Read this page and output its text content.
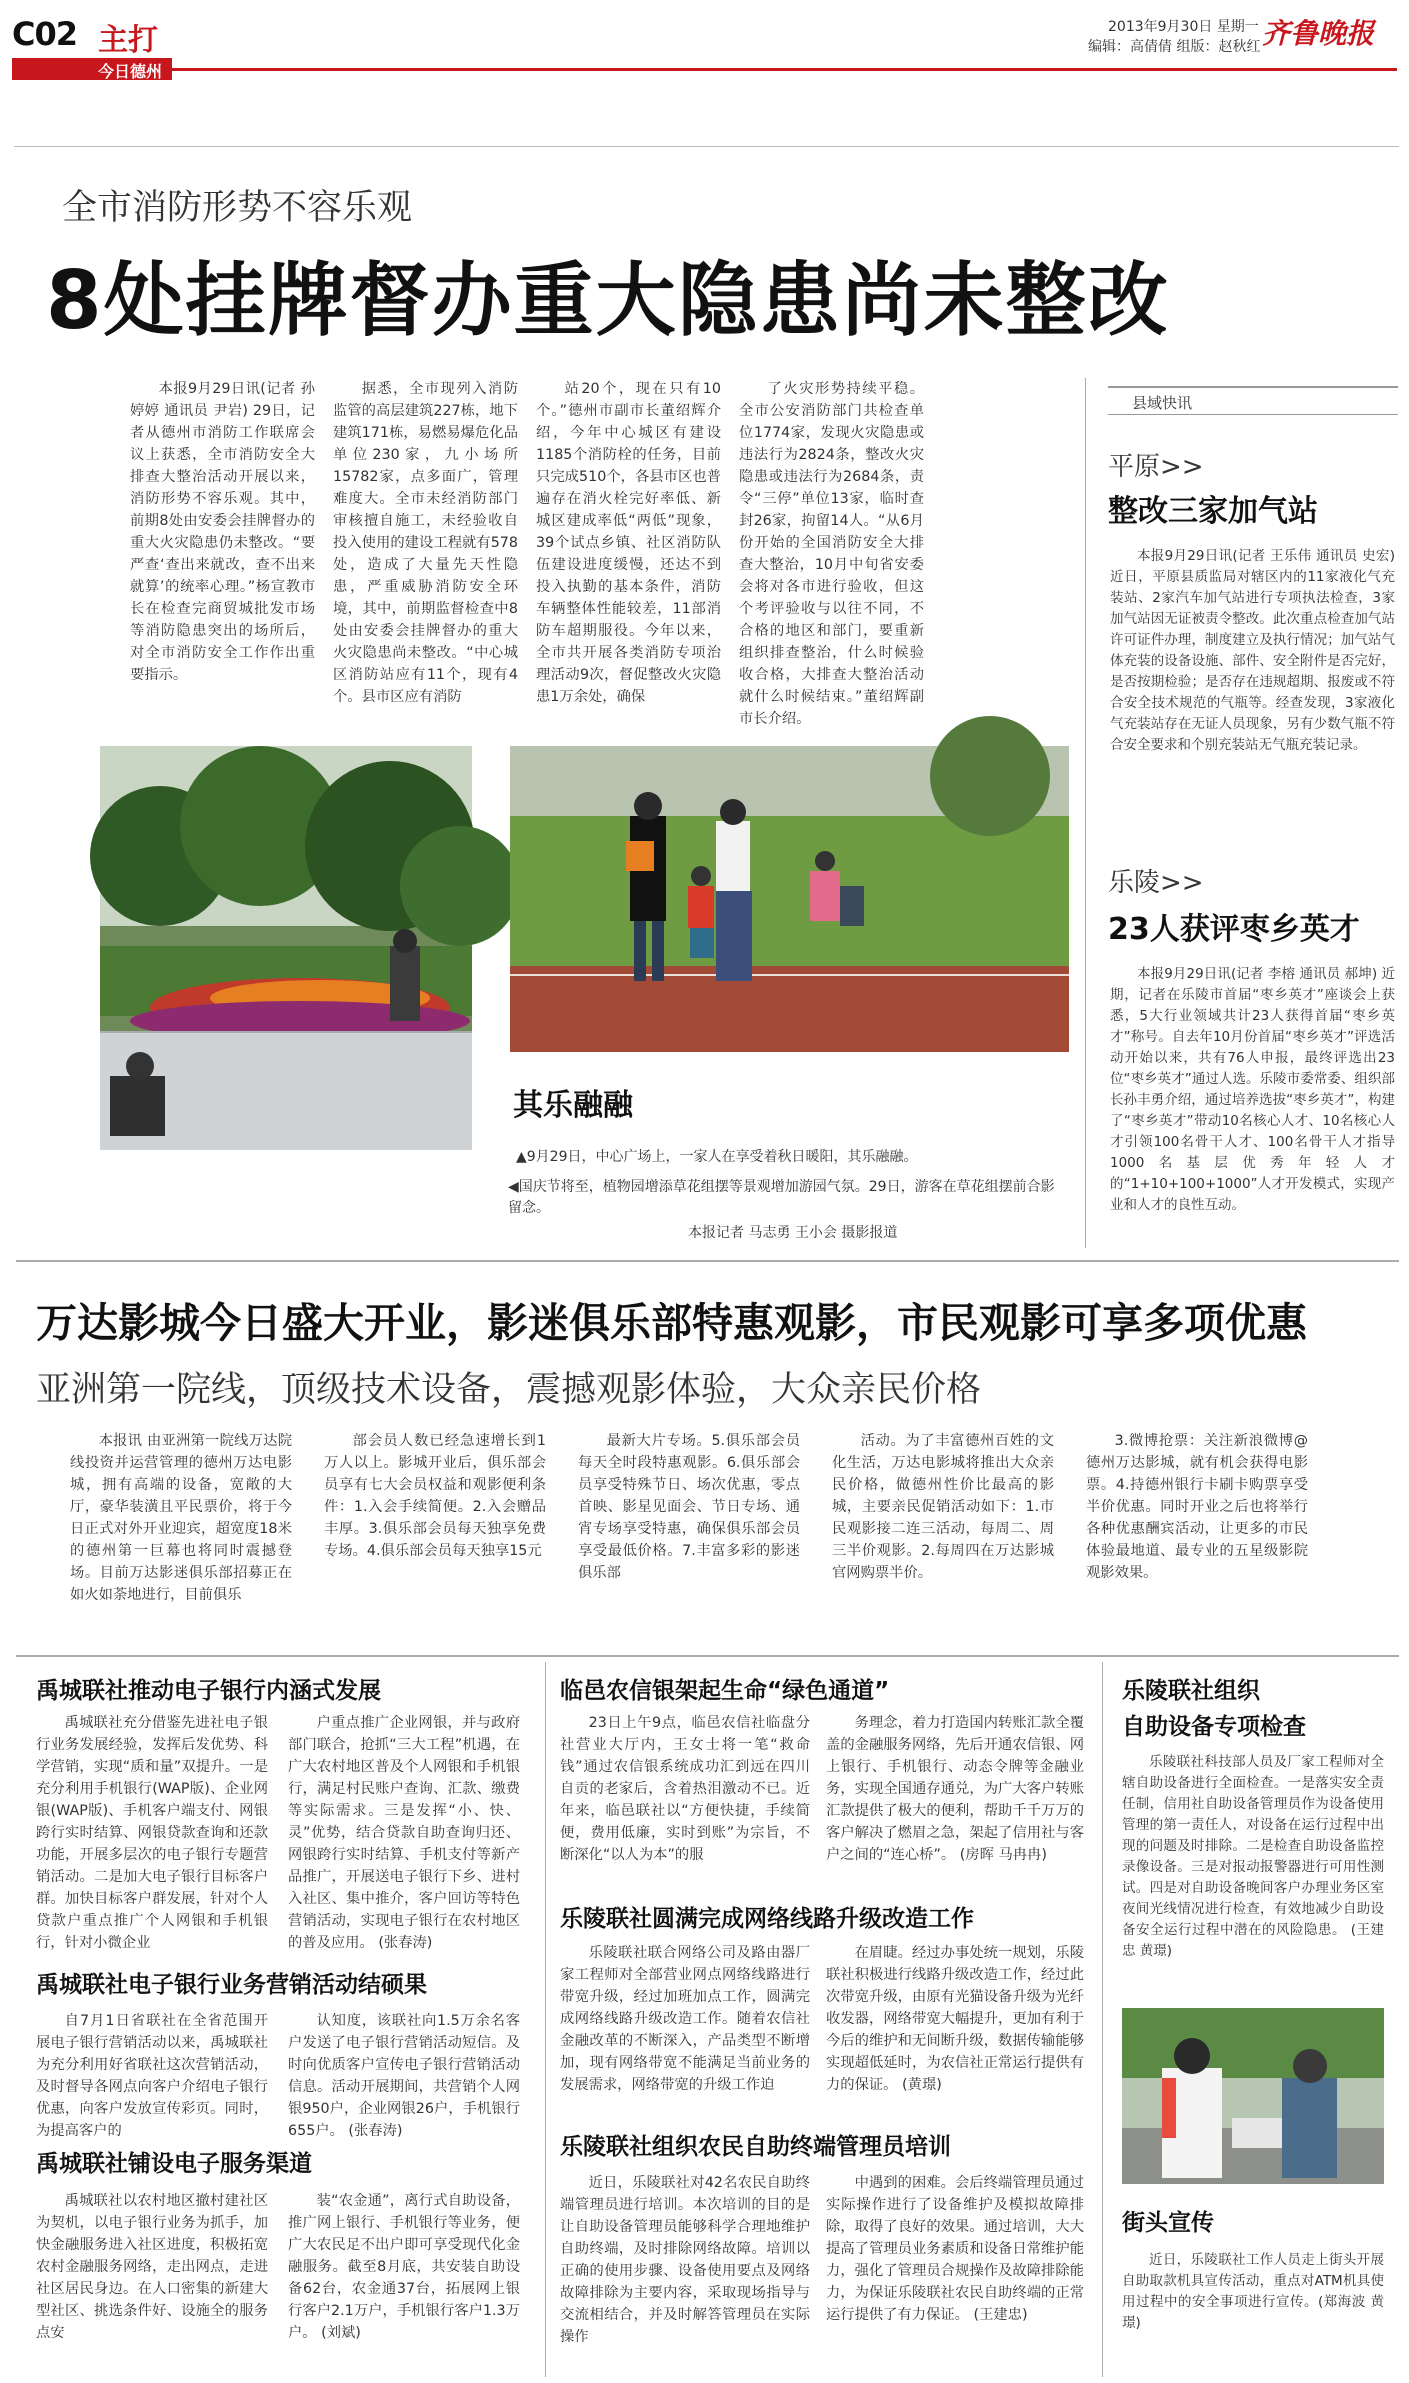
C02 主打
今日德州
2013年9月30日 星期一
编辑：高倩倩 组版：赵秋红 齐鲁晚报
全市消防形势不容乐观
8处挂牌督办重大隐患尚未整改

本报9月29日讯(记者 孙婷婷 通讯员 尹岩) 29日，记者从德州市消防工作联席会议上获悉，全市消防安全大排查大整治活动开展以来，消防形势不容乐观。其中，前期8处由安委会挂牌督办的重大火灾隐患仍未整改。“要严查‘查出来就改，查不出来就算’的统率心理。”杨宣教市长在检查完商贸城批发市场等消防隐患突出的场所后，对全市消防安全工作作出重要指示。

据悉，全市现列入消防监管的高层建筑227栋，地下建筑171栋，易燃易爆危化品单位230家，九小场所15782家，点多面广，管理难度大。全市未经消防部门审核擅自施工，未经验收自投入使用的建设工程就有578处，造成了大量先天性隐患，严重威胁消防安全环境，其中，前期监督检查中8处由安委会挂牌督办的重大火灾隐患尚未整改。“中心城区消防站应有11个，现有4个。县市区应有消防

站20个，现在只有10个。”德州市副市长董绍辉介绍，今年中心城区有建设1185个消防栓的任务，目前只完成510个，各县市区也普遍存在消火栓完好率低、新城区建成率低“两低”现象，39个试点乡镇、社区消防队伍建设进度缓慢，还达不到投入执勤的基本条件，消防车辆整体性能较差，11部消防车超期服役。今年以来，全市共开展各类消防专项治理活动9次，督促整改火灾隐患1万余处，确保

了火灾形势持续平稳。全市公安消防部门共检查单位1774家，发现火灾隐患或违法行为2824条，整改火灾隐患或违法行为2684条，责令“三停”单位13家，临时查封26家，拘留14人。“从6月份开始的全国消防安全大排查大整治，10月中旬省安委会将对各市进行验收，但这个考评验收与以往不同，不合格的地区和部门，要重新组织排查整治，什么时候验收合格，大排查大整治活动就什么时候结束。”董绍辉副市长介绍。

县域快讯
平原>>
整改三家加气站

本报9月29日讯(记者 王乐伟 通讯员 史宏) 近日，平原县质监局对辖区内的11家液化气充装站、2家汽车加气站进行专项执法检查，3家加气站因无证被责令整改。此次重点检查加气站许可证件办理，制度建立及执行情况；加气站气体充装的设备设施、部件、安全附件是否完好，是否按期检验；是否存在违规超期、报废或不符合安全技术规范的气瓶等。经查发现，3家液化气充装站存在无证人员现象，另有少数气瓶不符合安全要求和个别充装站无气瓶充装记录。

乐陵>>
23人获评枣乡英才

本报9月29日讯(记者 李榕 通讯员 郝坤) 近期，记者在乐陵市首届“枣乡英才”座谈会上获悉，5大行业领域共计23人获得首届“枣乡英才”称号。自去年10月份首届“枣乡英才”评选活动开始以来，共有76人申报，最终评选出23位“枣乡英才”通过人选。乐陵市委常委、组织部长孙丰勇介绍，通过培养选拔“枣乡英才”，构建了“枣乡英才”带动10名核心人才、10名核心人才引领100名骨干人才、100名骨干人才指导1000名基层优秀年轻人才的“1+10+100+1000”人才开发模式，实现产业和人才的良性互动。

其乐融融
▲9月29日，中心广场上，一家人在享受着秋日暖阳，其乐融融。
◀国庆节将至，植物园增添草花组摆等景观增加游园气氛。29日，游客在草花组摆前合影留念。
本报记者 马志勇 王小会 摄影报道
万达影城今日盛大开业，影迷俱乐部特惠观影，市民观影可享多项优惠
亚洲第一院线，顶级技术设备，震撼观影体验，大众亲民价格

本报讯 由亚洲第一院线万达院线投资并运营管理的德州万达电影城，拥有高端的设备，宽敞的大厅，豪华装潢且平民票价，将于今日正式对外开业迎宾，超宽度18米的德州第一巨幕也将同时震撼登场。目前万达影迷俱乐部招募正在如火如荼地进行，目前俱乐

部会员人数已经急速增长到1万人以上。影城开业后，俱乐部会员享有七大会员权益和观影便利条件：1.入会手续简便。2.入会赠品丰厚。3.俱乐部会员每天独享免费专场。4.俱乐部会员每天独享15元

最新大片专场。5.俱乐部会员每天全时段特惠观影。6.俱乐部会员享受特殊节日、场次优惠，零点首映、影星见面会、节日专场、通宵专场享受特惠，确保俱乐部会员享受最低价格。7.丰富多彩的影迷俱乐部

活动。为了丰富德州百姓的文化生活，万达电影城将推出大众亲民价格，做德州性价比最高的影城，主要亲民促销活动如下：1.市民观影接二连三活动，每周二、周三半价观影。2.每周四在万达影城官网购票半价。

3.微博抢票：关注新浪微博@德州万达影城，就有机会获得电影票。4.持德州银行卡刷卡购票享受半价优惠。同时开业之后也将举行各种优惠酬宾活动，让更多的市民体验最地道、最专业的五星级影院观影效果。

禹城联社推动电子银行内涵式发展

禹城联社充分借鉴先进社电子银行业务发展经验，发挥后发优势、科学营销，实现“质和量”双提升。一是充分利用手机银行(WAP版)、企业网银(WAP版)、手机客户端支付、网银跨行实时结算、网银贷款查询和还款功能，开展多层次的电子银行专题营销活动。二是加大电子银行目标客户群。加快目标客户群发展，针对个人贷款户重点推广个人网银和手机银行，针对小微企业

户重点推广企业网银，并与政府部门联合，抢抓“三大工程”机遇，在广大农村地区普及个人网银和手机银行，满足村民账户查询、汇款、缴费等实际需求。三是发挥“小、快、灵”优势，结合贷款自助查询归还、网银跨行实时结算、手机支付等新产品推广，开展送电子银行下乡、进村入社区、集中推介，客户回访等特色营销活动，实现电子银行在农村地区的普及应用。 (张春涛)

禹城联社电子银行业务营销活动结硕果

自7月1日省联社在全省范围开展电子银行营销活动以来，禹城联社为充分利用好省联社这次营销活动，及时督导各网点向客户介绍电子银行优惠，向客户发放宣传彩页。同时，为提高客户的

认知度，该联社向1.5万余名客户发送了电子银行营销活动短信。及时向优质客户宣传电子银行营销活动信息。活动开展期间，共营销个人网银950户，企业网银26户，手机银行655户。 (张春涛)

禹城联社铺设电子服务渠道

禹城联社以农村地区撤村建社区为契机，以电子银行业务为抓手，加快金融服务进入社区进度，积极拓宽农村金融服务网络，走出网点，走进社区居民身边。在人口密集的新建大型社区、挑选条件好、设施全的服务点安

装“农金通”，离行式自助设备，推广网上银行、手机银行等业务，便广大农民足不出户即可享受现代化金融服务。截至8月底，共安装自助设备62台，农金通37台，拓展网上银行客户2.1万户，手机银行客户1.3万户。 (刘斌)

临邑农信银架起生命“绿色通道”

23日上午9点，临邑农信社临盘分社营业大厅内，王女士将一笔“救命钱”通过农信银系统成功汇到远在四川自贡的老家后，含着热泪激动不已。近年来，临邑联社以“方便快捷，手续简便，费用低廉，实时到账”为宗旨，不断深化“以人为本”的服

务理念，着力打造国内转账汇款全覆盖的金融服务网络，先后开通农信银、网上银行、手机银行、动态令牌等金融业务，实现全国通存通兑，为广大客户转账汇款提供了极大的便利，帮助千千万万的客户解决了燃眉之急，架起了信用社与客户之间的“连心桥”。 (房晖 马冉冉)

乐陵联社圆满完成网络线路升级改造工作

乐陵联社联合网络公司及路由器厂家工程师对全部营业网点网络线路进行带宽升级，经过加班加点工作，圆满完成网络线路升级改造工作。随着农信社金融改革的不断深入，产品类型不断增加，现有网络带宽不能满足当前业务的发展需求，网络带宽的升级工作迫

在眉睫。经过办事处统一规划，乐陵联社积极进行线路升级改造工作，经过此次带宽升级，由原有光猫设备升级为光纤收发器，网络带宽大幅提升，更加有利于今后的维护和无间断升级，数据传输能够实现超低延时，为农信社正常运行提供有力的保证。 (黄璟)

乐陵联社组织农民自助终端管理员培训

近日，乐陵联社对42名农民自助终端管理员进行培训。本次培训的目的是让自助设备管理员能够科学合理地维护自助终端，及时排除网络故障。培训以正确的使用步骤、设备使用要点及网络故障排除为主要内容，采取现场指导与交流相结合，并及时解答管理员在实际操作

中遇到的困难。会后终端管理员通过实际操作进行了设备维护及模拟故障排除，取得了良好的效果。通过培训，大大提高了管理员业务素质和设备日常维护能力，强化了管理员合规操作及故障排除能力，为保证乐陵联社农民自助终端的正常运行提供了有力保证。 (王建忠)

乐陵联社组织
自助设备专项检查

乐陵联社科技部人员及厂家工程师对全辖自助设备进行全面检查。一是落实安全责任制，信用社自助设备管理员作为设备使用管理的第一责任人，对设备在运行过程中出现的问题及时排除。二是检查自助设备监控录像设备。三是对报动报警器进行可用性测试。四是对自助设备晚间客户办理业务区室夜间光线情况进行检查，有效地减少自助设备安全运行过程中潜在的风险隐患。 (王建忠 黄璟)

街头宣传

近日，乐陵联社工作人员走上街头开展自助取款机具宣传活动，重点对ATM机具使用过程中的安全事项进行宣传。(郑海波 黄璟)
